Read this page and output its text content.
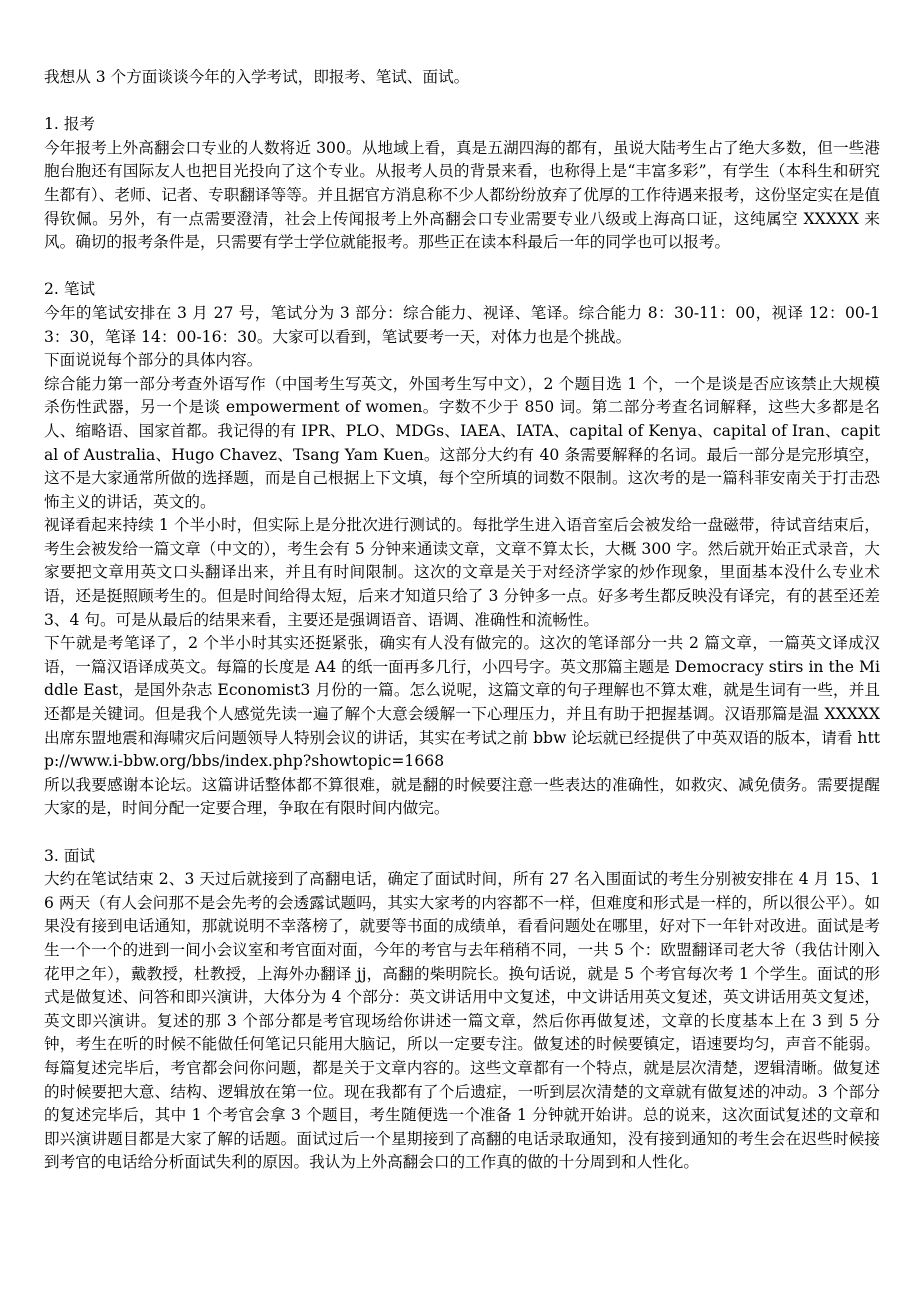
我想从 3 个方面谈谈今年的入学考试，即报考、笔试、面试。

1. 报考

今年报考上外高翻会口专业的人数将近 300。从地域上看，真是五湖四海的都有，虽说大陆考生占了绝大多数，但一些港胞台胞还有国际友人也把目光投向了这个专业。从报考人员的背景来看，也称得上是“丰富多彩”，有学生（本科生和研究生都有）、老师、记者、专职翻译等等。并且据官方消息称不少人都纷纷放弃了优厚的工作待遇来报考，这份坚定实在是值得钦佩。另外，有一点需要澄清，社会上传闻报考上外高翻会口专业需要专业八级或上海高口证，这纯属空 XXXXX 来风。确切的报考条件是，只需要有学士学位就能报考。那些正在读本科最后一年的同学也可以报考。

2. 笔试

今年的笔试安排在 3 月 27 号，笔试分为 3 部分：综合能力、视译、笔译。综合能力 8：30-11：00，视译 12：00-13：30，笔译 14：00-16：30。大家可以看到，笔试要考一天，对体力也是个挑战。

下面说说每个部分的具体内容。

综合能力第一部分考查外语写作（中国考生写英文，外国考生写中文），2 个题目选 1 个，一个是谈是否应该禁止大规模杀伤性武器，另一个是谈 empowerment of women。字数不少于 850 词。第二部分考查名词解释，这些大多都是名人、缩略语、国家首都。我记得的有 IPR、PLO、MDGs、IAEA、IATA、capital of Kenya、capital of Iran、capital of Australia、Hugo Chavez、Tsang Yam Kuen。这部分大约有 40 条需要解释的名词。最后一部分是完形填空，这不是大家通常所做的选择题，而是自己根据上下文填，每个空所填的词数不限制。这次考的是一篇科菲安南关于打击恐怖主义的讲话，英文的。

视译看起来持续 1 个半小时，但实际上是分批次进行测试的。每批学生进入语音室后会被发给一盘磁带，待试音结束后，考生会被发给一篇文章（中文的），考生会有 5 分钟来通读文章，文章不算太长，大概 300 字。然后就开始正式录音，大家要把文章用英文口头翻译出来，并且有时间限制。这次的文章是关于对经济学家的炒作现象，里面基本没什么专业术语，还是挺照顾考生的。但是时间给得太短，后来才知道只给了 3 分钟多一点。好多考生都反映没有译完，有的甚至还差 3、4 句。可是从最后的结果来看，主要还是强调语音、语调、准确性和流畅性。

下午就是考笔译了，2 个半小时其实还挺紧张，确实有人没有做完的。这次的笔译部分一共 2 篇文章，一篇英文译成汉语，一篇汉语译成英文。每篇的长度是 A4 的纸一面再多几行，小四号字。英文那篇主题是 Democracy stirs in the Middle East，是国外杂志 Economist3 月份的一篇。怎么说呢，这篇文章的句子理解也不算太难，就是生词有一些，并且还都是关键词。但是我个人感觉先读一遍了解个大意会缓解一下心理压力，并且有助于把握基调。汉语那篇是温 XXXXX 出席东盟地震和海啸灾后问题领导人特别会议的讲话，其实在考试之前 bbw 论坛就已经提供了中英双语的版本，请看 http://www.i-bbw.org/bbs/index.php?showtopic=1668

所以我要感谢本论坛。这篇讲话整体都不算很难，就是翻的时候要注意一些表达的准确性，如救灾、减免债务。需要提醒大家的是，时间分配一定要合理，争取在有限时间内做完。

3. 面试

大约在笔试结束 2、3 天过后就接到了高翻电话，确定了面试时间，所有 27 名入围面试的考生分别被安排在 4 月 15、16 两天（有人会问那不是会先考的会透露试题吗，其实大家考的内容都不一样，但难度和形式是一样的，所以很公平）。如果没有接到电话通知，那就说明不幸落榜了，就要等书面的成绩单，看看问题处在哪里，好对下一年针对改进。面试是考生一个一个的进到一间小会议室和考官面对面，今年的考官与去年稍稍不同，一共 5 个：欧盟翻译司老大爷（我估计刚入花甲之年），戴教授，杜教授，上海外办翻译 jj，高翻的柴明院长。换句话说，就是 5 个考官每次考 1 个学生。面试的形式是做复述、问答和即兴演讲，大体分为 4 个部分：英文讲话用中文复述，中文讲话用英文复述，英文讲话用英文复述，英文即兴演讲。复述的那 3 个部分都是考官现场给你讲述一篇文章，然后你再做复述，文章的长度基本上在 3 到 5 分钟，考生在听的时候不能做任何笔记只能用大脑记，所以一定要专注。做复述的时候要镇定，语速要均匀，声音不能弱。每篇复述完毕后，考官都会问你问题，都是关于文章内容的。这些文章都有一个特点，就是层次清楚，逻辑清晰。做复述的时候要把大意、结构、逻辑放在第一位。现在我都有了个后遗症，一听到层次清楚的文章就有做复述的冲动。3 个部分的复述完毕后，其中 1 个考官会拿 3 个题目，考生随便选一个准备 1 分钟就开始讲。总的说来，这次面试复述的文章和即兴演讲题目都是大家了解的话题。面试过后一个星期接到了高翻的电话录取通知，没有接到通知的考生会在迟些时候接到考官的电话给分析面试失利的原因。我认为上外高翻会口的工作真的做的十分周到和人性化。
